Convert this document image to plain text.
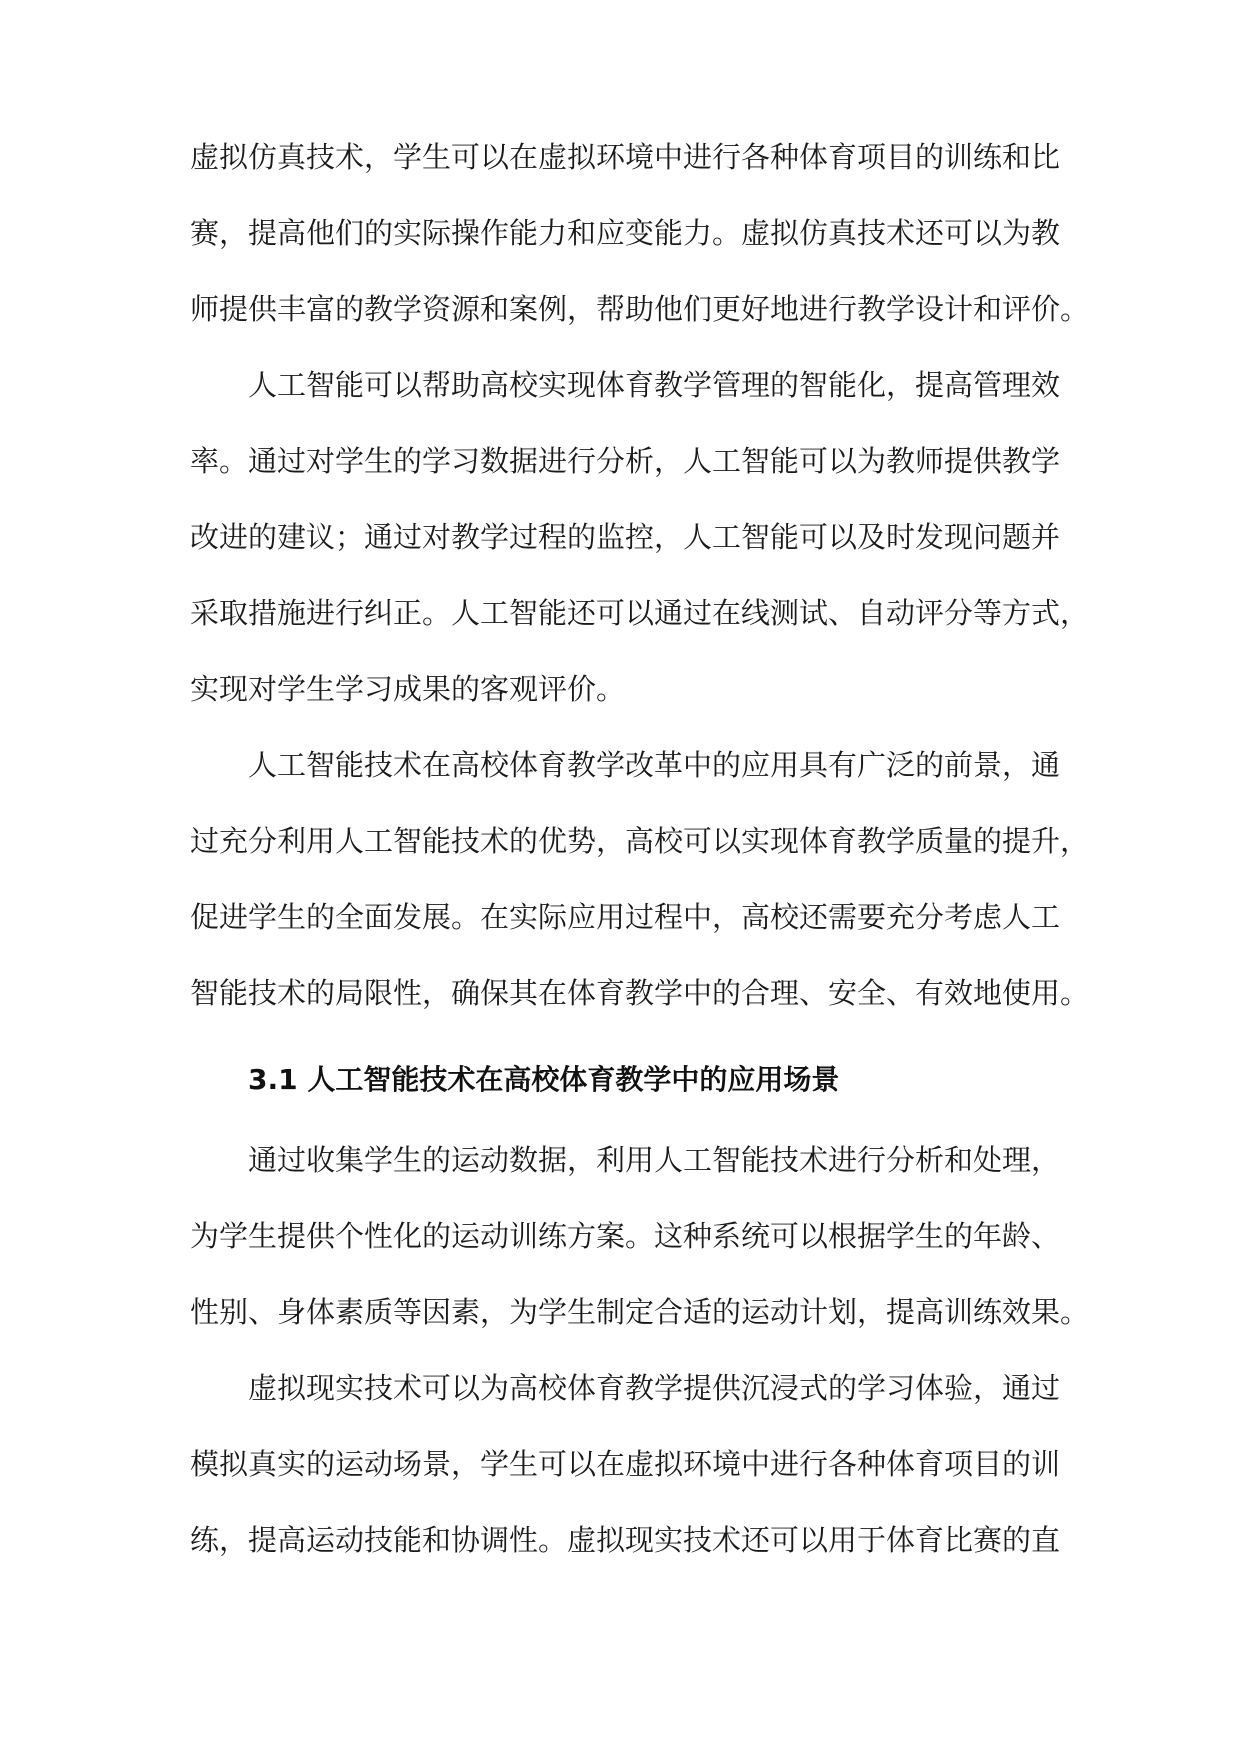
虚拟仿真技术，学生可以在虚拟环境中进行各种体育项目的训练和比
赛，提高他们的实际操作能力和应变能力。虚拟仿真技术还可以为教
师提供丰富的教学资源和案例，帮助他们更好地进行教学设计和评价。
人工智能可以帮助高校实现体育教学管理的智能化，提高管理效
率。通过对学生的学习数据进行分析，人工智能可以为教师提供教学
改进的建议；通过对教学过程的监控，人工智能可以及时发现问题并
采取措施进行纠正。人工智能还可以通过在线测试、自动评分等方式，
实现对学生学习成果的客观评价。
人工智能技术在高校体育教学改革中的应用具有广泛的前景，通
过充分利用人工智能技术的优势，高校可以实现体育教学质量的提升，
促进学生的全面发展。在实际应用过程中，高校还需要充分考虑人工
智能技术的局限性，确保其在体育教学中的合理、安全、有效地使用。
3.1 人工智能技术在高校体育教学中的应用场景
通过收集学生的运动数据，利用人工智能技术进行分析和处理，
为学生提供个性化的运动训练方案。这种系统可以根据学生的年龄、
性别、身体素质等因素，为学生制定合适的运动计划，提高训练效果。
虚拟现实技术可以为高校体育教学提供沉浸式的学习体验，通过
模拟真实的运动场景，学生可以在虚拟环境中进行各种体育项目的训
练，提高运动技能和协调性。虚拟现实技术还可以用于体育比赛的直
